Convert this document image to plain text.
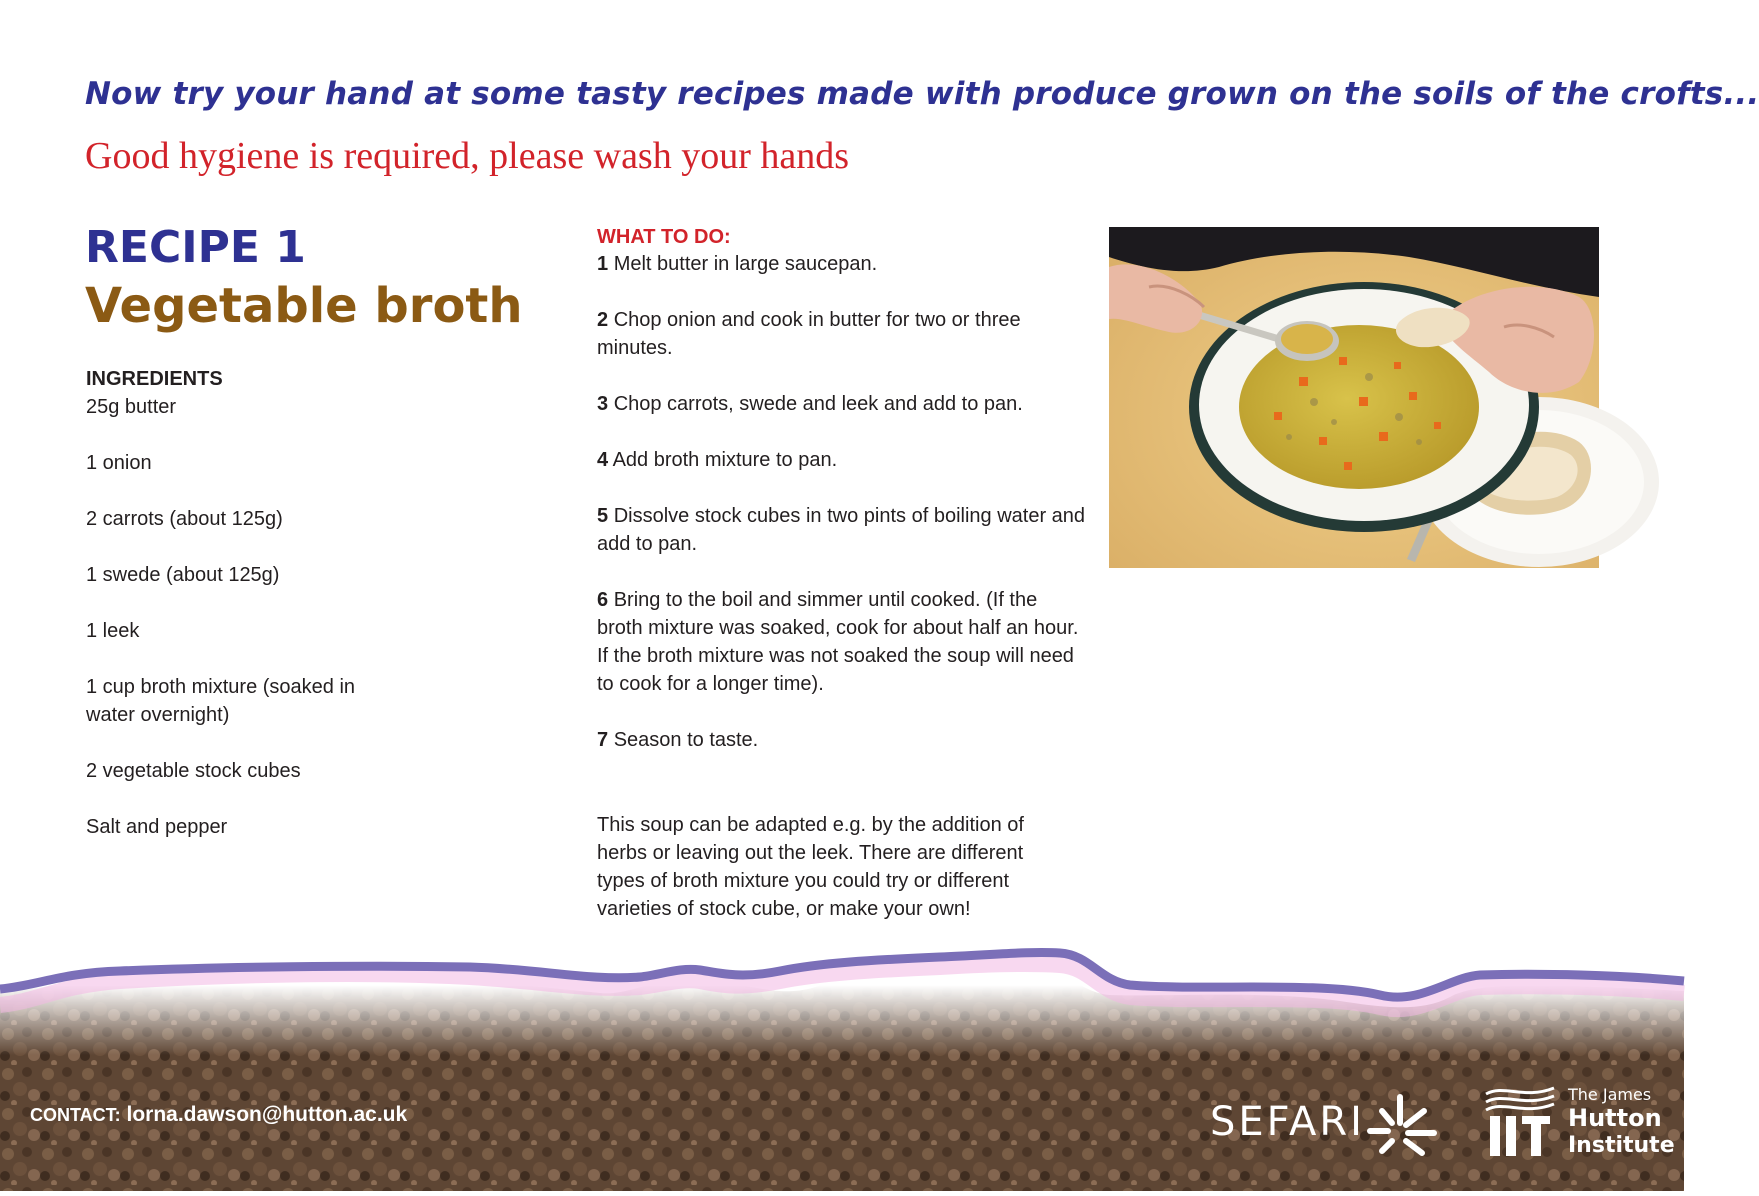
Now try your hand at some tasty recipes made with produce grown on the soils of the crofts...
Good hygiene is required, please wash your hands
RECIPE 1
Vegetable broth
INGREDIENTS
25g butter
1 onion
2 carrots (about 125g)
1 swede (about 125g)
1 leek
1 cup broth mixture (soaked in water overnight)
2 vegetable stock cubes
Salt and pepper
WHAT TO DO:
1 Melt butter in large saucepan.
2 Chop onion and cook in butter for two or three minutes.
3 Chop carrots, swede and leek and add to pan.
4 Add broth mixture to pan.
5 Dissolve stock cubes in two pints of boiling water and add to pan.
6 Bring to the boil and simmer until cooked. (If the broth mixture was soaked, cook for about half an hour. If the broth mixture was not soaked the soup will need to cook for a longer time).
7 Season to taste.
This soup can be adapted e.g. by the addition of herbs or leaving out the leek. There are different types of broth mixture you could try or different varieties of stock cube, or make your own!
CONTACT: lorna.dawson@hutton.ac.uk	SEFARI
The James
Hutton
Institute
